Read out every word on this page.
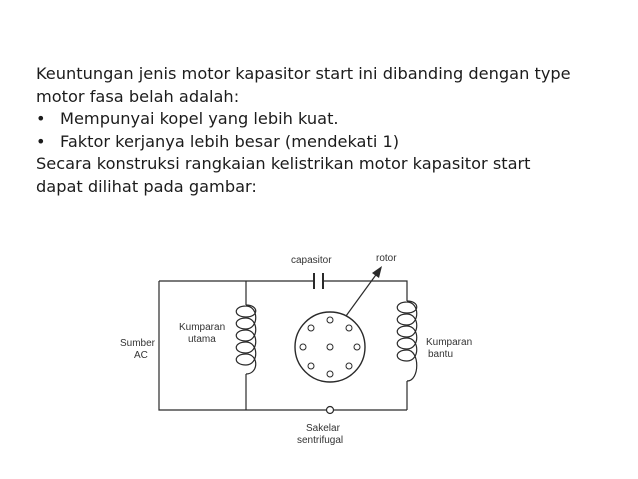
Keuntungan jenis motor kapasitor start ini dibanding dengan type

motor fasa belah adalah:

• Mempunyai kopel yang lebih kuat.
• Faktor kerjanya lebih besar (mendekati 1)

Secara konstruksi rangkaian kelistrikan motor kapasitor start

dapat dilihat pada gambar:

capasitor	rotor
Sumber
AC
Kumparan
utama	Kumparan
bantu
Sakelar
sentrifugal
